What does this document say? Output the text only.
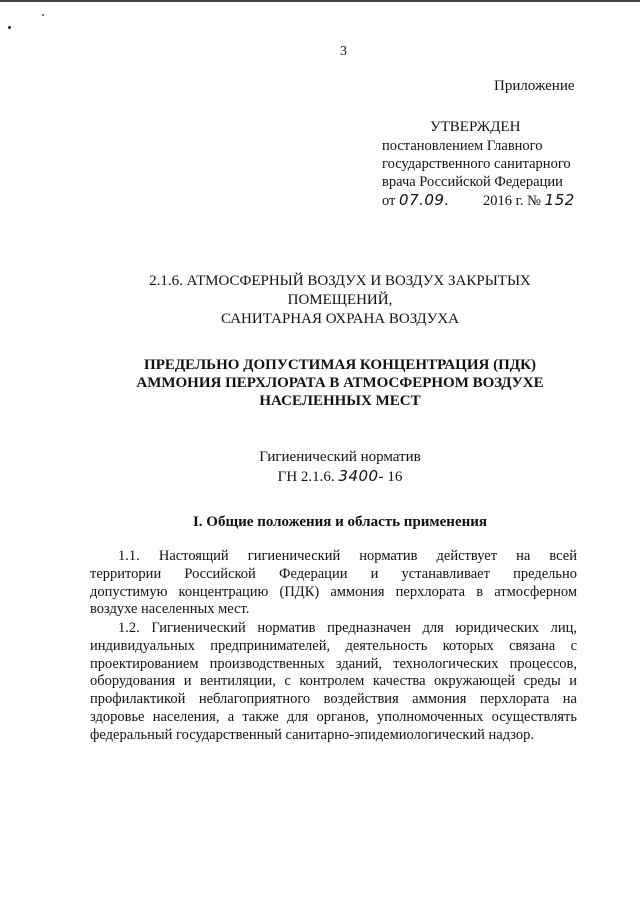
3
Приложение
УТВЕРЖДЕН
постановлением Главного
государственного санитарного
врача Российской Федерации
от 07.09. 2016 г. № 152
2.1.6. АТМОСФЕРНЫЙ ВОЗДУХ И ВОЗДУХ ЗАКРЫТЫХ
ПОМЕЩЕНИЙ,
САНИТАРНАЯ ОХРАНА ВОЗДУХА
ПРЕДЕЛЬНО ДОПУСТИМАЯ КОНЦЕНТРАЦИЯ (ПДК)
АММОНИЯ ПЕРХЛОРАТА В АТМОСФЕРНОМ ВОЗДУХЕ
НАСЕЛЕННЫХ МЕСТ
Гигиенический норматив
ГН 2.1.6. 3400- 16
I. Общие положения и область применения
1.1. Настоящий гигиенический норматив действует на всей
территории Российской Федерации и устанавливает предельно
допустимую концентрацию (ПДК) аммония перхлората в атмосферном
воздухе населенных мест.
1.2. Гигиенический норматив предназначен для юридических лиц,
индивидуальных предпринимателей, деятельность которых связана с
проектированием производственных зданий, технологических процессов,
оборудования и вентиляции, с контролем качества окружающей среды и
профилактикой неблагоприятного воздействия аммония перхлората на
здоровье населения, а также для органов, уполномоченных осуществлять
федеральный государственный санитарно-эпидемиологический надзор.
